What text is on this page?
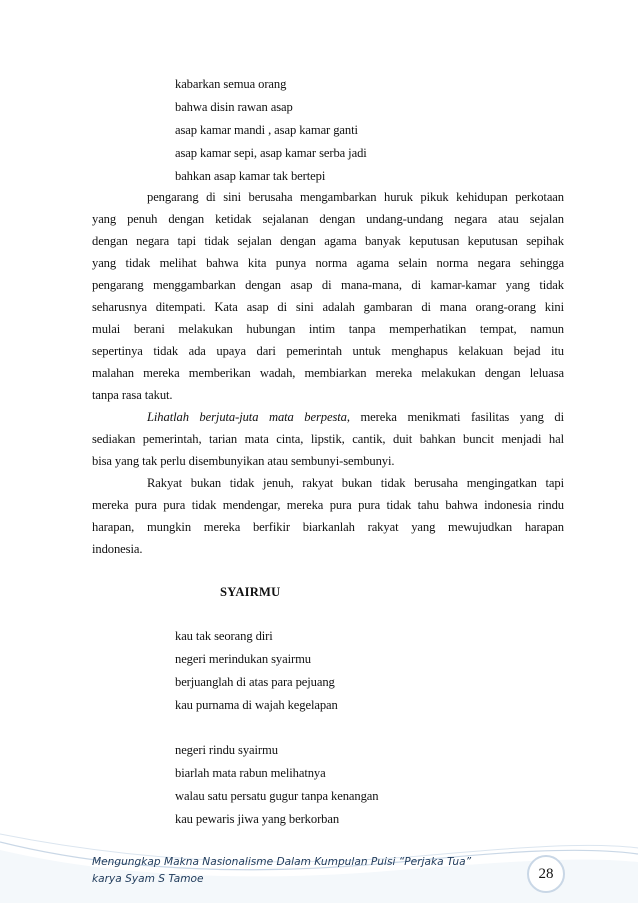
kabarkan semua orang
bahwa disin rawan asap
asap kamar mandi , asap kamar ganti
asap kamar sepi, asap kamar serba jadi
bahkan asap kamar tak bertepi
pengarang di sini berusaha mengambarkan huruk pikuk kehidupan perkotaan
yang penuh dengan ketidak sejalanan dengan undang-undang negara atau sejalan
dengan negara tapi tidak sejalan dengan agama banyak keputusan keputusan sepihak
yang tidak melihat bahwa kita punya norma agama selain norma negara sehingga
pengarang menggambarkan dengan asap di mana-mana, di kamar-kamar yang tidak
seharusnya ditempati. Kata asap di sini adalah gambaran di mana orang-orang kini
mulai berani melakukan hubungan intim tanpa memperhatikan tempat, namun
sepertinya tidak ada upaya dari pemerintah untuk menghapus kelakuan bejad itu
malahan mereka memberikan wadah, membiarkan mereka melakukan dengan leluasa
tanpa rasa takut.
Lihatlah berjuta-juta mata berpesta, mereka menikmati fasilitas yang di
sediakan pemerintah, tarian mata cinta, lipstik, cantik, duit bahkan buncit menjadi hal
bisa yang tak perlu disembunyikan atau sembunyi-sembunyi.
Rakyat bukan tidak jenuh, rakyat bukan tidak berusaha mengingatkan tapi
mereka pura pura tidak mendengar, mereka pura pura tidak tahu bahwa indonesia rindu
harapan, mungkin mereka berfikir biarkanlah rakyat yang mewujudkan harapan
indonesia.
SYAIRMU
kau tak seorang diri
negeri merindukan syairmu
berjuanglah di atas para pejuang
kau purnama di wajah kegelapan
negeri rindu syairmu
biarlah mata rabun melihatnya
walau satu persatu gugur tanpa kenangan
kau pewaris jiwa yang berkorban
Mengungkap Makna Nasionalisme Dalam Kumpulan Puisi “Perjaka Tua”
karya Syam S Tamoe	28
